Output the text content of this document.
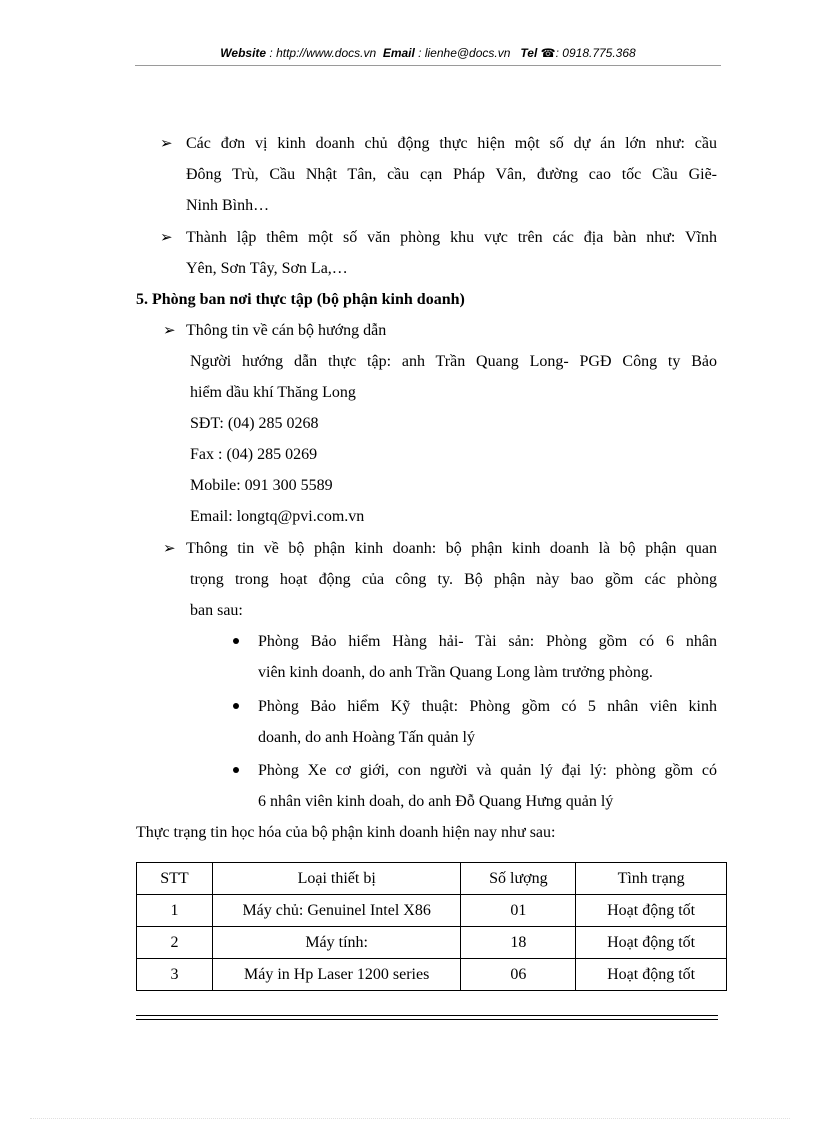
Website : http://www.docs.vn Email : lienhe@docs.vn Tel ☎: 0918.775.368
➢ Các đơn vị kinh doanh chủ động thực hiện một số dự án lớn như: cầu
Đông Trù, Cầu Nhật Tân, cầu cạn Pháp Vân, đường cao tốc Cầu Giẽ-
Ninh Bình…
➢ Thành lập thêm một số văn phòng khu vực trên các địa bàn như: Vĩnh
Yên, Sơn Tây, Sơn La,…
5. Phòng ban nơi thực tập (bộ phận kinh doanh)
➢ Thông tin về cán bộ hướng dẫn
Người hướng dẫn thực tập: anh Trần Quang Long- PGĐ Công ty Bảo
hiểm dầu khí Thăng Long
SĐT: (04) 285 0268
Fax : (04) 285 0269
Mobile: 091 300 5589
Email: longtq@pvi.com.vn
➢ Thông tin về bộ phận kinh doanh: bộ phận kinh doanh là bộ phận quan
trọng trong hoạt động của công ty. Bộ phận này bao gồm các phòng
ban sau:
Phòng Bảo hiểm Hàng hải- Tài sản: Phòng gồm có 6 nhân
viên kinh doanh, do anh Trần Quang Long làm trưởng phòng.
Phòng Bảo hiểm Kỹ thuật: Phòng gồm có 5 nhân viên kinh
doanh, do anh Hoàng Tấn quản lý
Phòng Xe cơ giới, con người và quản lý đại lý: phòng gồm có
6 nhân viên kinh doah, do anh Đỗ Quang Hưng quản lý
Thực trạng tin học hóa của bộ phận kinh doanh hiện nay như sau:
STT	Loại thiết bị	Số lượng	Tình trạng
1	Máy chủ: Genuinel Intel X86	01	Hoạt động tốt
2	Máy tính:	18	Hoạt động tốt
3	Máy in Hp Laser 1200 series	06	Hoạt động tốt
